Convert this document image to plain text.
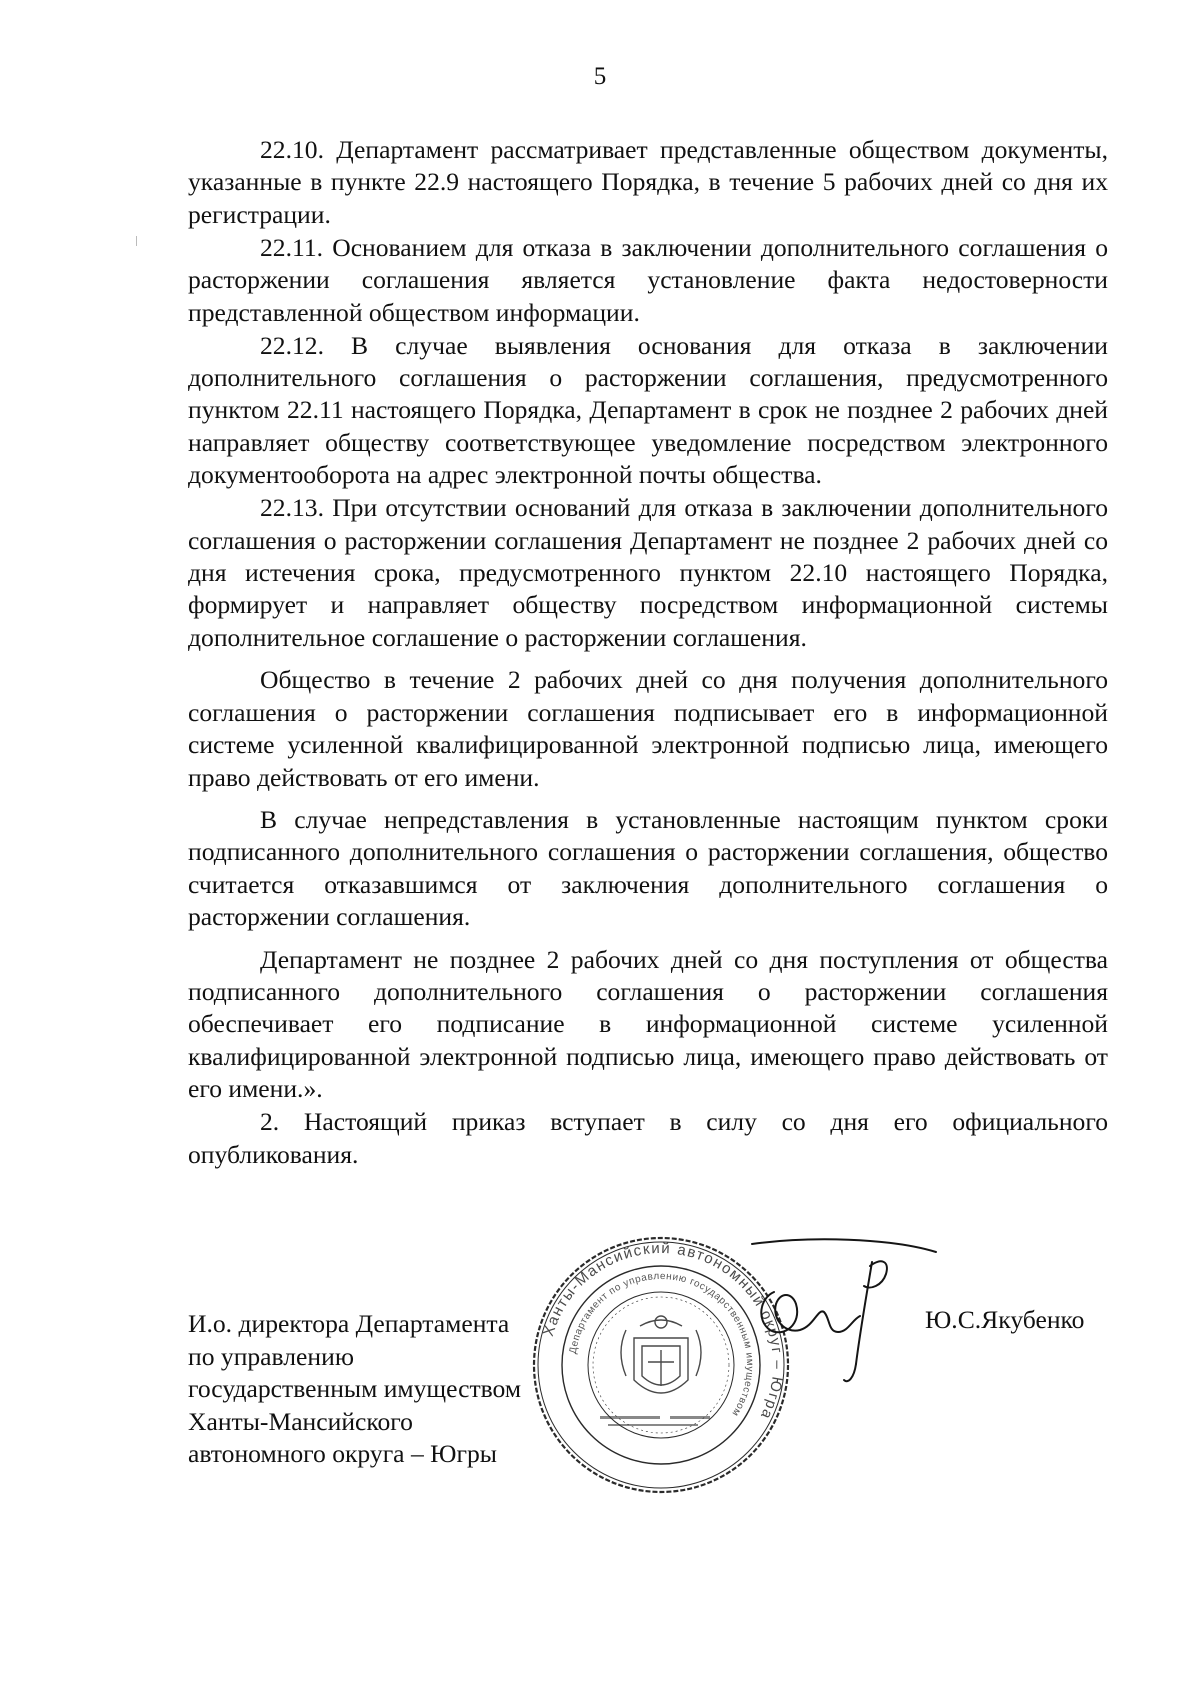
5

22.10. Департамент рассматривает представленные обществом документы, указанные в пункте 22.9 настоящего Порядка, в течение 5 рабочих дней со дня их регистрации.

22.11. Основанием для отказа в заключении дополнительного соглашения о расторжении соглашения является установление факта недостоверности представленной обществом информации.

22.12. В случае выявления основания для отказа в заключении дополнительного соглашения о расторжении соглашения, предусмотренного пунктом 22.11 настоящего Порядка, Департамент в срок не позднее 2 рабочих дней направляет обществу соответствующее уведомление посредством электронного документооборота на адрес электронной почты общества.

22.13. При отсутствии оснований для отказа в заключении дополнительного соглашения о расторжении соглашения Департамент не позднее 2 рабочих дней со дня истечения срока, предусмотренного пунктом 22.10 настоящего Порядка, формирует и направляет обществу посредством информационной системы дополнительное соглашение о расторжении соглашения.

Общество в течение 2 рабочих дней со дня получения дополнительного соглашения о расторжении соглашения подписывает его в информационной системе усиленной квалифицированной электронной подписью лица, имеющего право действовать от его имени.

В случае непредставления в установленные настоящим пунктом сроки подписанного дополнительного соглашения о расторжении соглашения, общество считается отказавшимся от заключения дополнительного соглашения о расторжении соглашения.

Департамент не позднее 2 рабочих дней со дня поступления от общества подписанного дополнительного соглашения о расторжении соглашения обеспечивает его подписание в информационной системе усиленной квалифицированной электронной подписью лица, имеющего право действовать от его имени.».

2. Настоящий приказ вступает в силу со дня его официального опубликования.

Ханты-Мансийский автономный округ – Югра
Департамент по управлению государственным имуществом
И.о. директора Департамента
по управлению
государственным имуществом
Ханты-Мансийского
автономного округа – Югры
Ю.С.Якубенко
